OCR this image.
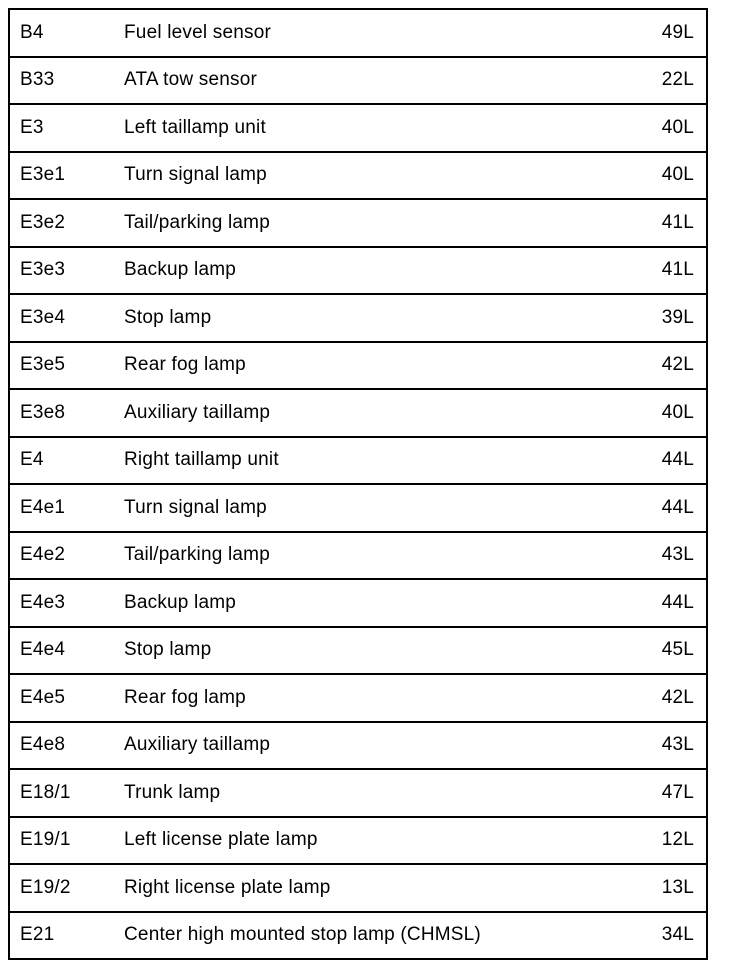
B4	Fuel level sensor	49L
B33	ATA tow sensor	22L
E3	Left taillamp unit	40L
E3e1	Turn signal lamp	40L
E3e2	Tail/parking lamp	41L
E3e3	Backup lamp	41L
E3e4	Stop lamp	39L
E3e5	Rear fog lamp	42L
E3e8	Auxiliary taillamp	40L
E4	Right taillamp unit	44L
E4e1	Turn signal lamp	44L
E4e2	Tail/parking lamp	43L
E4e3	Backup lamp	44L
E4e4	Stop lamp	45L
E4e5	Rear fog lamp	42L
E4e8	Auxiliary taillamp	43L
E18/1	Trunk lamp	47L
E19/1	Left license plate lamp	12L
E19/2	Right license plate lamp	13L
E21	Center high mounted stop lamp (CHMSL)	34L
